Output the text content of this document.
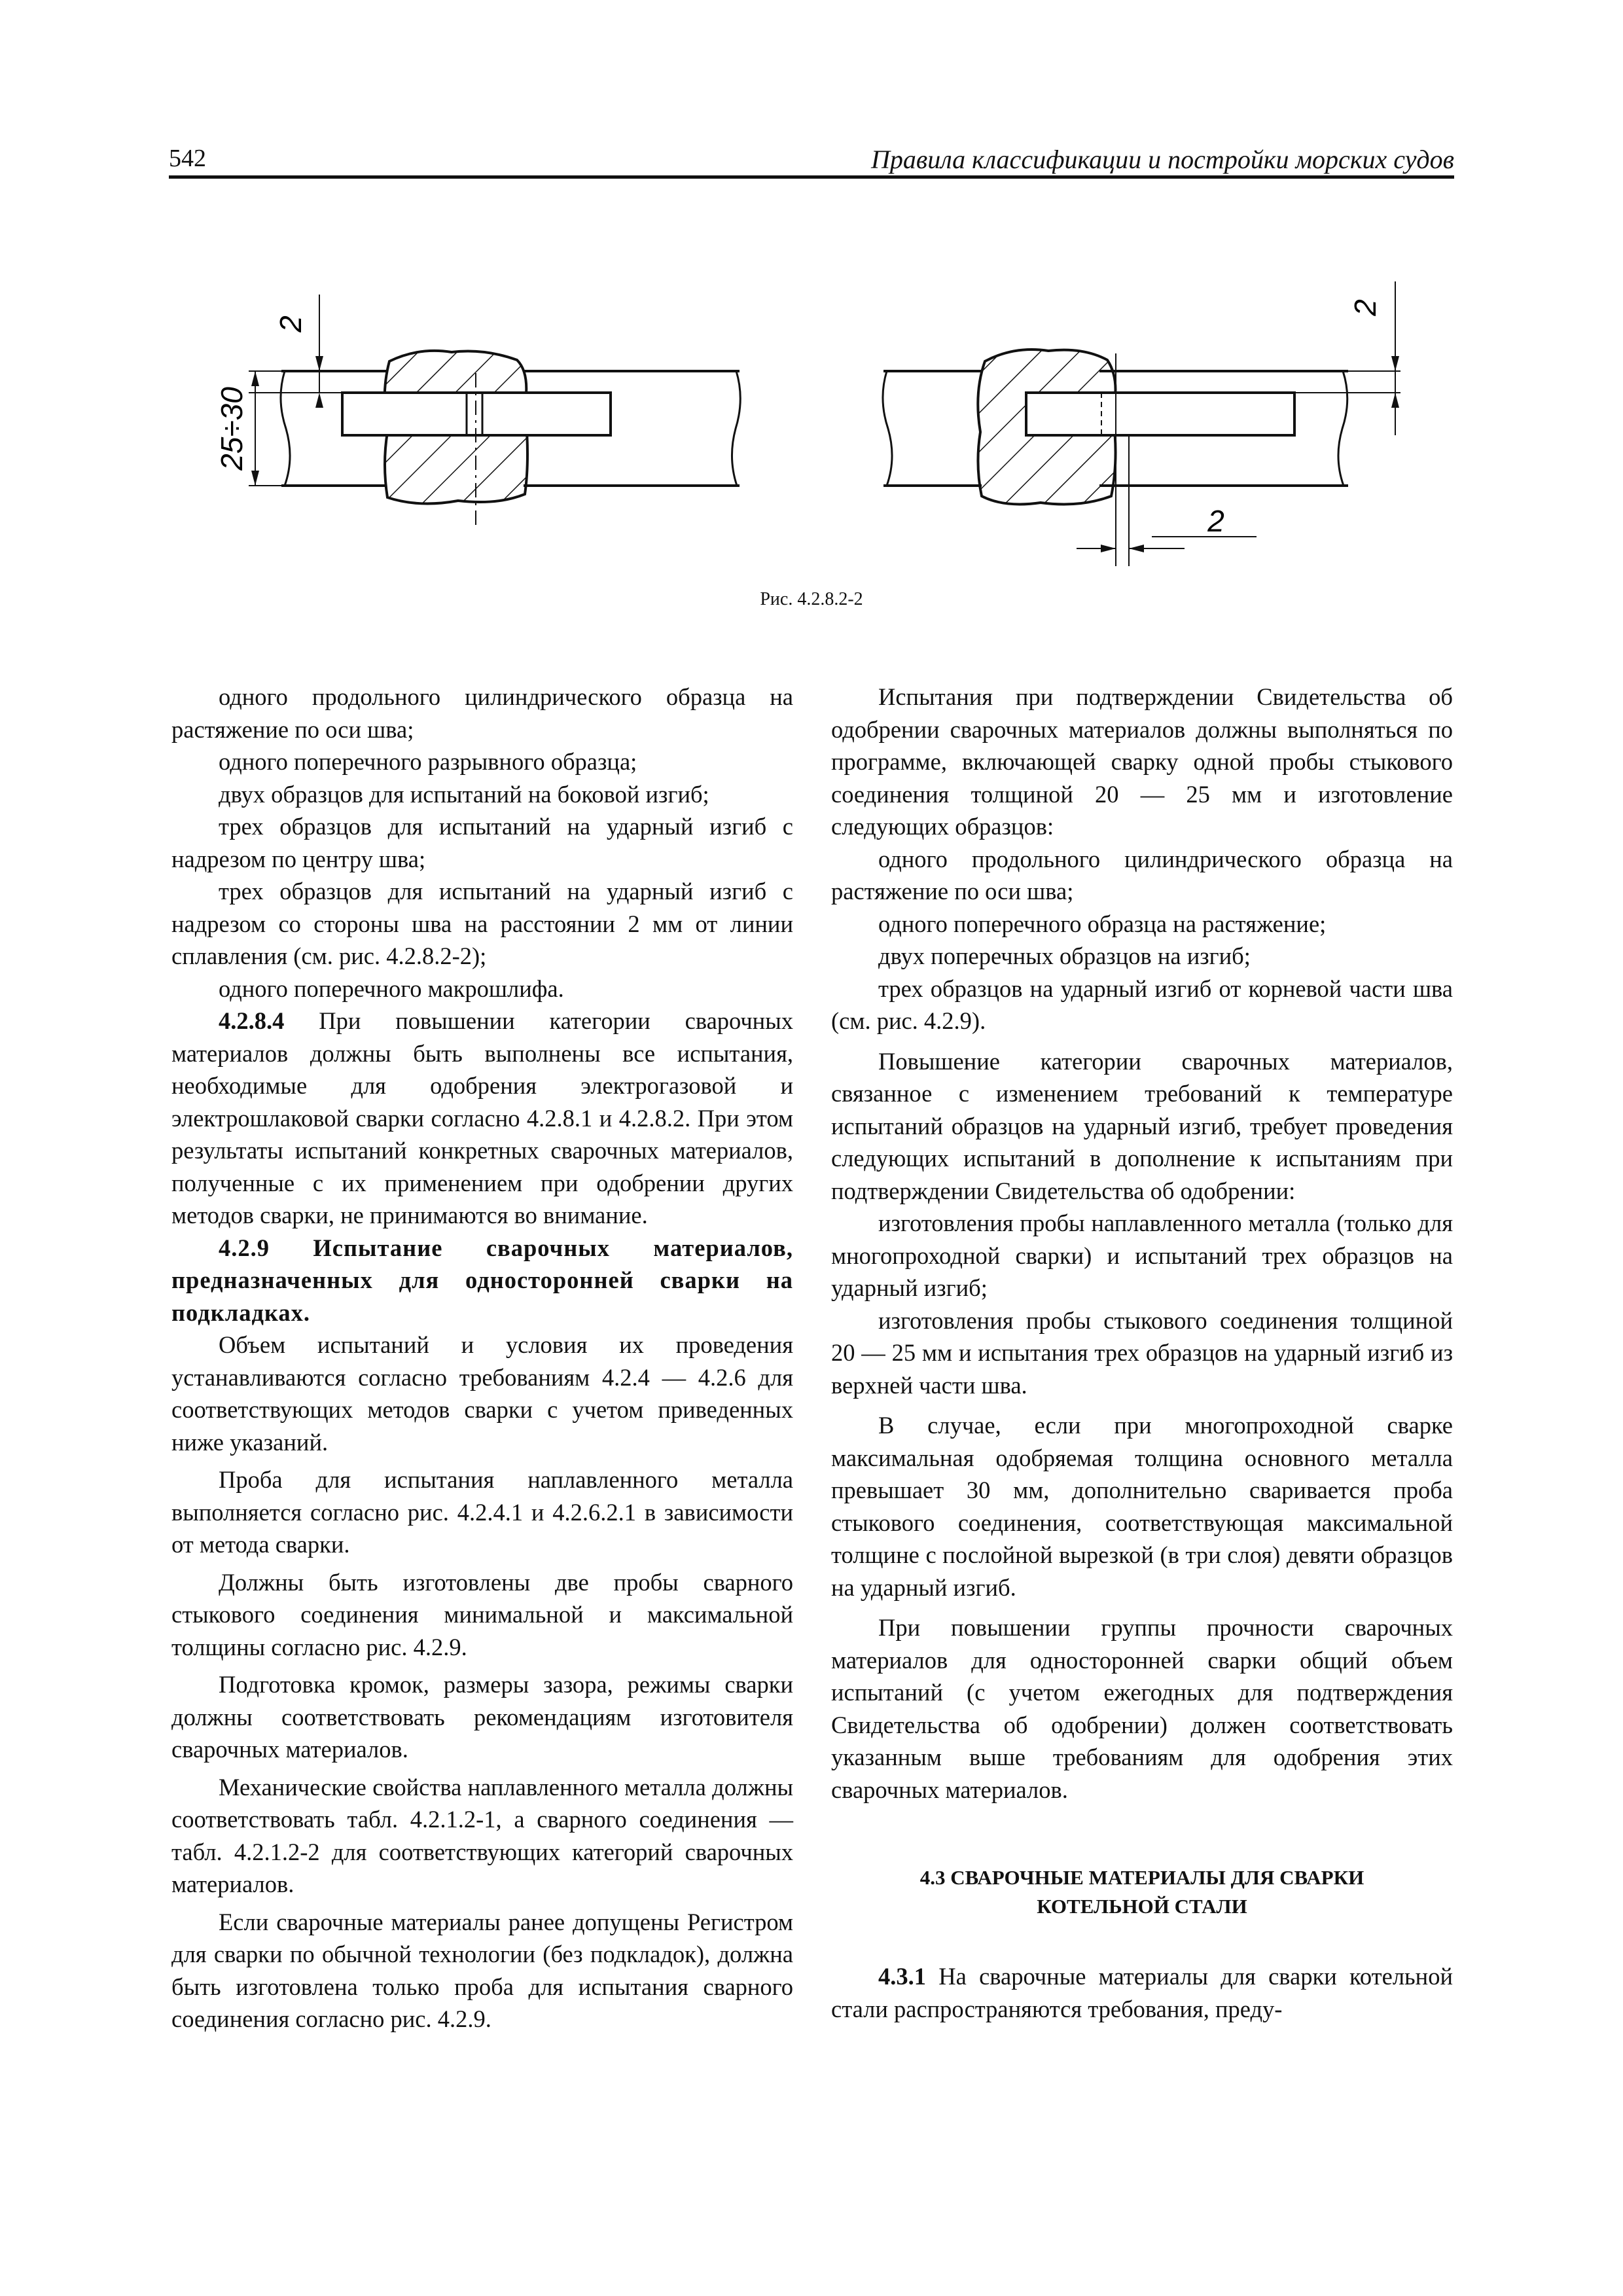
542	Правила классификации и постройки морских судов
25÷30
2
2
2
Рис. 4.2.8.2-2

одного продольного цилиндрического образца на растяжение по оси шва;

одного поперечного разрывного образца;

двух образцов для испытаний на боковой изгиб;

трех образцов для испытаний на ударный изгиб с надрезом по центру шва;

трех образцов для испытаний на ударный изгиб с надрезом со стороны шва на расстоянии 2 мм от линии сплавления (см. рис. 4.2.8.2-2);

одного поперечного макрошлифа.

4.2.8.4 При повышении категории сварочных материалов должны быть выполнены все испытания, необходимые для одобрения электрогазовой и электрошлаковой сварки согласно 4.2.8.1 и 4.2.8.2. При этом результаты испытаний конкретных сварочных материалов, полученные с их применением при одобрении других методов сварки, не принимаются во внимание.

4.2.9 Испытание сварочных материалов, предназначенных для односторонней сварки на подкладках.

Объем испытаний и условия их проведения устанавливаются согласно требованиям 4.2.4 — 4.2.6 для соответствующих методов сварки с учетом приведенных ниже указаний.

Проба для испытания наплавленного металла выполняется согласно рис. 4.2.4.1 и 4.2.6.2.1 в зависимости от метода сварки.

Должны быть изготовлены две пробы сварного стыкового соединения минимальной и максимальной толщины согласно рис. 4.2.9.

Подготовка кромок, размеры зазора, режимы сварки должны соответствовать рекомендациям изготовителя сварочных материалов.

Механические свойства наплавленного металла должны соответствовать табл. 4.2.1.2-1, а сварного соединения — табл. 4.2.1.2-2 для соответствующих категорий сварочных материалов.

Если сварочные материалы ранее допущены Регистром для сварки по обычной технологии (без подкладок), должна быть изготовлена только проба для испытания сварного соединения согласно рис. 4.2.9.

Испытания при подтверждении Свидетельства об одобрении сварочных материалов должны выполняться по программе, включающей сварку одной пробы стыкового соединения толщиной 20 — 25 мм и изготовление следующих образцов:

одного продольного цилиндрического образца на растяжение по оси шва;

одного поперечного образца на растяжение;

двух поперечных образцов на изгиб;

трех образцов на ударный изгиб от корневой части шва (см. рис. 4.2.9).

Повышение категории сварочных материалов, связанное с изменением требований к температуре испытаний образцов на ударный изгиб, требует проведения следующих испытаний в дополнение к испытаниям при подтверждении Свидетельства об одобрении:

изготовления пробы наплавленного металла (только для многопроходной сварки) и испытаний трех образцов на ударный изгиб;

изготовления пробы стыкового соединения толщиной 20 — 25 мм и испытания трех образцов на ударный изгиб из верхней части шва.

В случае, если при многопроходной сварке максимальная одобряемая толщина основного металла превышает 30 мм, дополнительно сваривается проба стыкового соединения, соответствующая максимальной толщине с послойной вырезкой (в три слоя) девяти образцов на ударный изгиб.

При повышении группы прочности сварочных материалов для односторонней сварки общий объем испытаний (с учетом ежегодных для подтверждения Свидетельства об одобрении) должен соответствовать указанным выше требованиям для одобрения этих сварочных материалов.

4.3 СВАРОЧНЫЕ МАТЕРИАЛЫ ДЛЯ СВАРКИ
КОТЕЛЬНОЙ СТАЛИ

4.3.1 На сварочные материалы для сварки котельной стали распространяются требования, преду-
